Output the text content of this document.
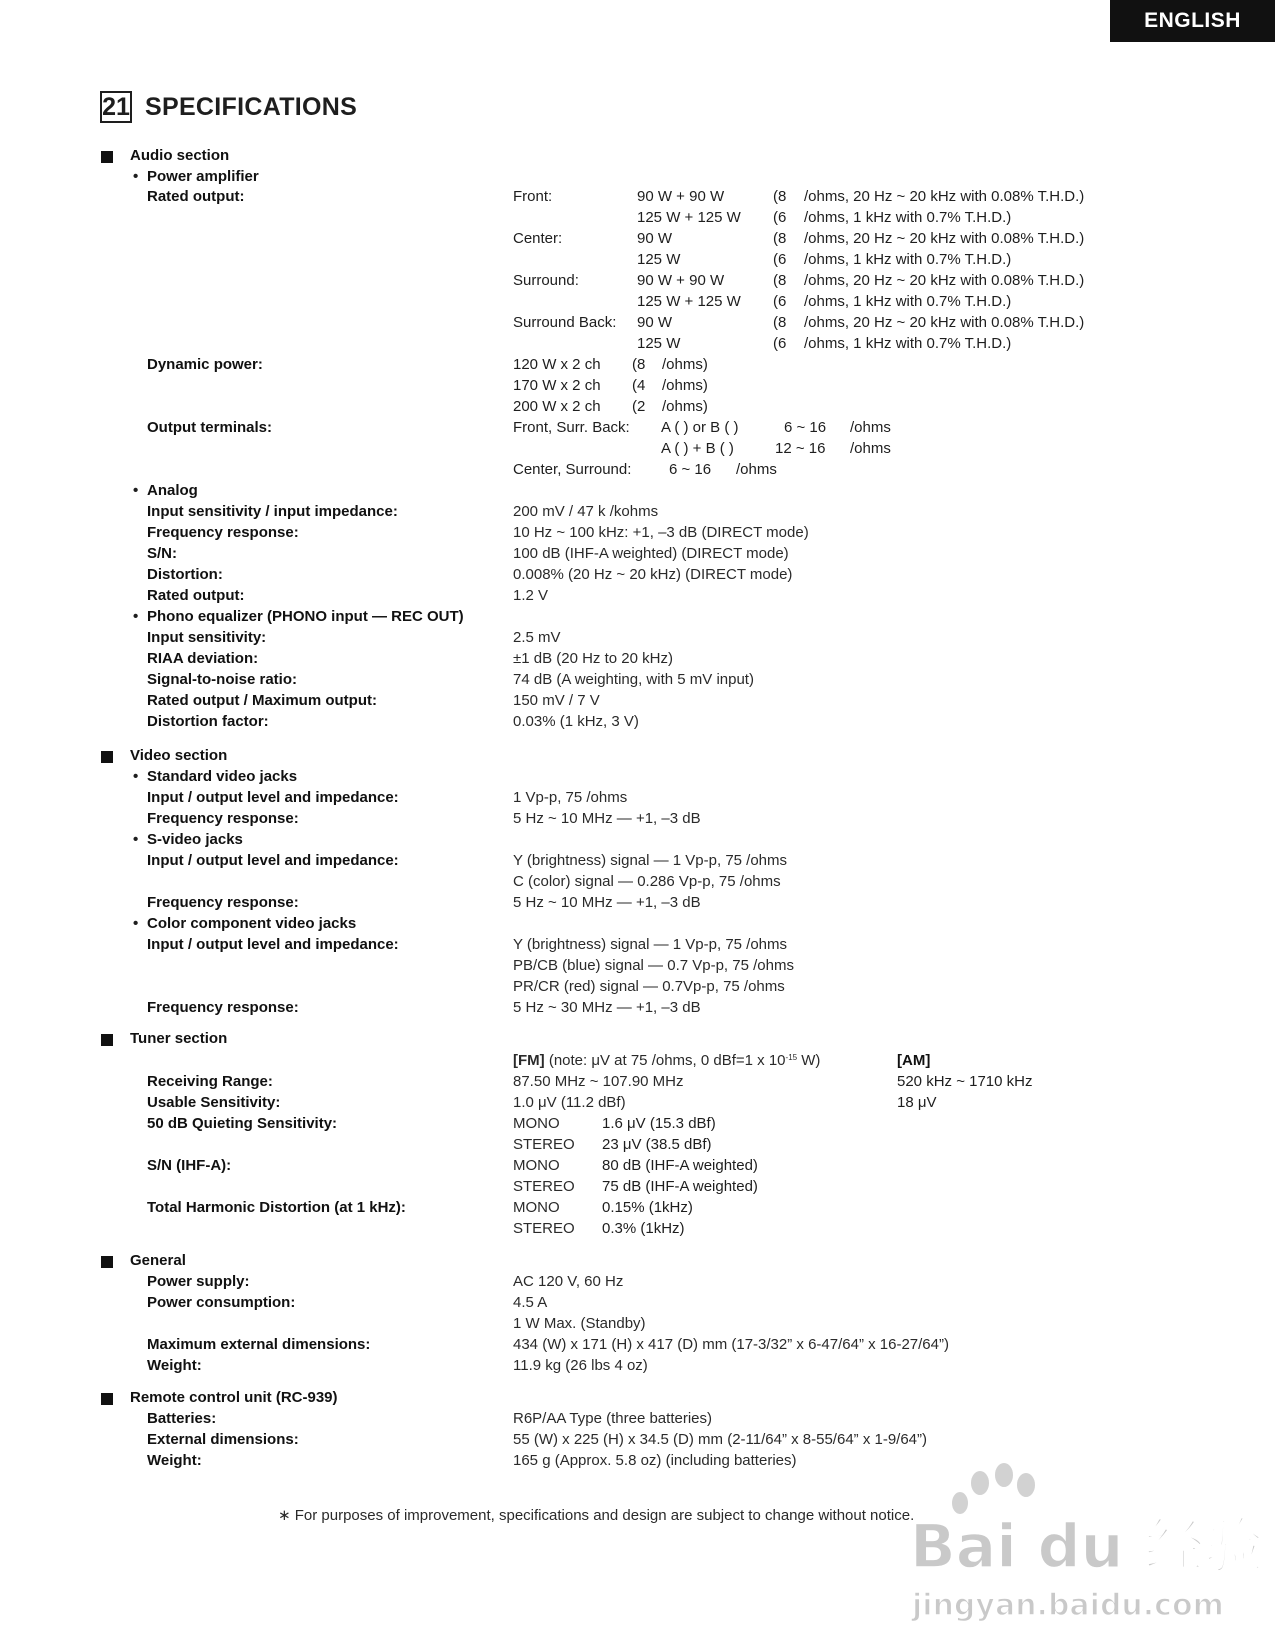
ENGLISH
21 SPECIFICATIONS
Audio section
• Power amplifier
Rated output:	Front:	90 W + 90 W	(8 /ohms, 20 Hz ~ 20 kHz with 0.08% T.H.D.)
125 W + 125 W (6 /ohms, 1 kHz with 0.7% T.H.D.)
Center:	90 W	(8 /ohms, 20 Hz ~ 20 kHz with 0.08% T.H.D.)
125 W	(6 /ohms, 1 kHz with 0.7% T.H.D.)
Surround:	90 W + 90 W	(8 /ohms, 20 Hz ~ 20 kHz with 0.08% T.H.D.)
125 W + 125 W (6 /ohms, 1 kHz with 0.7% T.H.D.)
Surround Back: 90 W	(8 /ohms, 20 Hz ~ 20 kHz with 0.08% T.H.D.)
125 W	(6 /ohms, 1 kHz with 0.7% T.H.D.)
Dynamic power:	120 W x 2 ch (8 /ohms)
170 W x 2 ch (4 /ohms)
200 W x 2 ch (2 /ohms)
Output terminals:	Front, Surr. Back: A ( ) or B ( )	6 ~ 16 /ohms
A ( ) + B ( )	12 ~ 16 /ohms
Center, Surround:	6 ~ 16 /ohms
• Analog
Input sensitivity / input impedance:	200 mV / 47 k /kohms
Frequency response:	10 Hz ~ 100 kHz: +1, –3 dB (DIRECT mode)
S/N:	100 dB (IHF-A weighted) (DIRECT mode)
Distortion:	0.008% (20 Hz ~ 20 kHz) (DIRECT mode)
Rated output:	1.2 V
• Phono equalizer (PHONO input — REC OUT)
Input sensitivity:	2.5 mV
RIAA deviation:	±1 dB (20 Hz to 20 kHz)
Signal-to-noise ratio:	74 dB (A weighting, with 5 mV input)
Rated output / Maximum output:	150 mV / 7 V
Distortion factor:	0.03% (1 kHz, 3 V)
Video section
• Standard video jacks
Input / output level and impedance:	1 Vp-p, 75 /ohms
Frequency response:	5 Hz ~ 10 MHz — +1, –3 dB
• S-video jacks
Input / output level and impedance:	Y (brightness) signal — 1 Vp-p, 75 /ohms
C (color) signal — 0.286 Vp-p, 75 /ohms
Frequency response:	5 Hz ~ 10 MHz — +1, –3 dB
• Color component video jacks
Input / output level and impedance:	Y (brightness) signal — 1 Vp-p, 75 /ohms
PB/CB (blue) signal — 0.7 Vp-p, 75 /ohms
PR/CR (red) signal — 0.7Vp-p, 75 /ohms
Frequency response:	5 Hz ~ 30 MHz — +1, –3 dB
Tuner section
[FM] (note: μV at 75 /ohms, 0 dBf=1 x $10^{-15}$ W)	[AM]
Receiving Range:	87.50 MHz ~ 107.90 MHz	520 kHz ~ 1710 kHz
Usable Sensitivity:	1.0 μV (11.2 dBf)	18 μV
50 dB Quieting Sensitivity:	MONO	1.6 μV (15.3 dBf)
STEREO 23 μV (38.5 dBf)
S/N (IHF-A):	MONO	80 dB (IHF-A weighted)
STEREO 75 dB (IHF-A weighted)
Total Harmonic Distortion (at 1 kHz):	MONO	0.15% (1kHz)
STEREO 0.3% (1kHz)
General
Power supply:	AC 120 V, 60 Hz
Power consumption:	4.5 A
1 W Max. (Standby)
Maximum external dimensions:	434 (W) x 171 (H) x 417 (D) mm (17-3/32” x 6-47/64” x 16-27/64”)
Weight:	11.9 kg (26 lbs 4 oz)
Remote control unit (RC-939)
Batteries:	R6P/AA Type (three batteries)
External dimensions:	55 (W) x 225 (H) x 34.5 (D) mm (2-11/64” x 8-55/64” x 1-9/64”)
Weight:	165 g (Approx. 5.8 oz) (including batteries)
∗ For purposes of improvement, specifications and design are subject to change without notice.
Bai du 经验
jingyan.baidu.com
